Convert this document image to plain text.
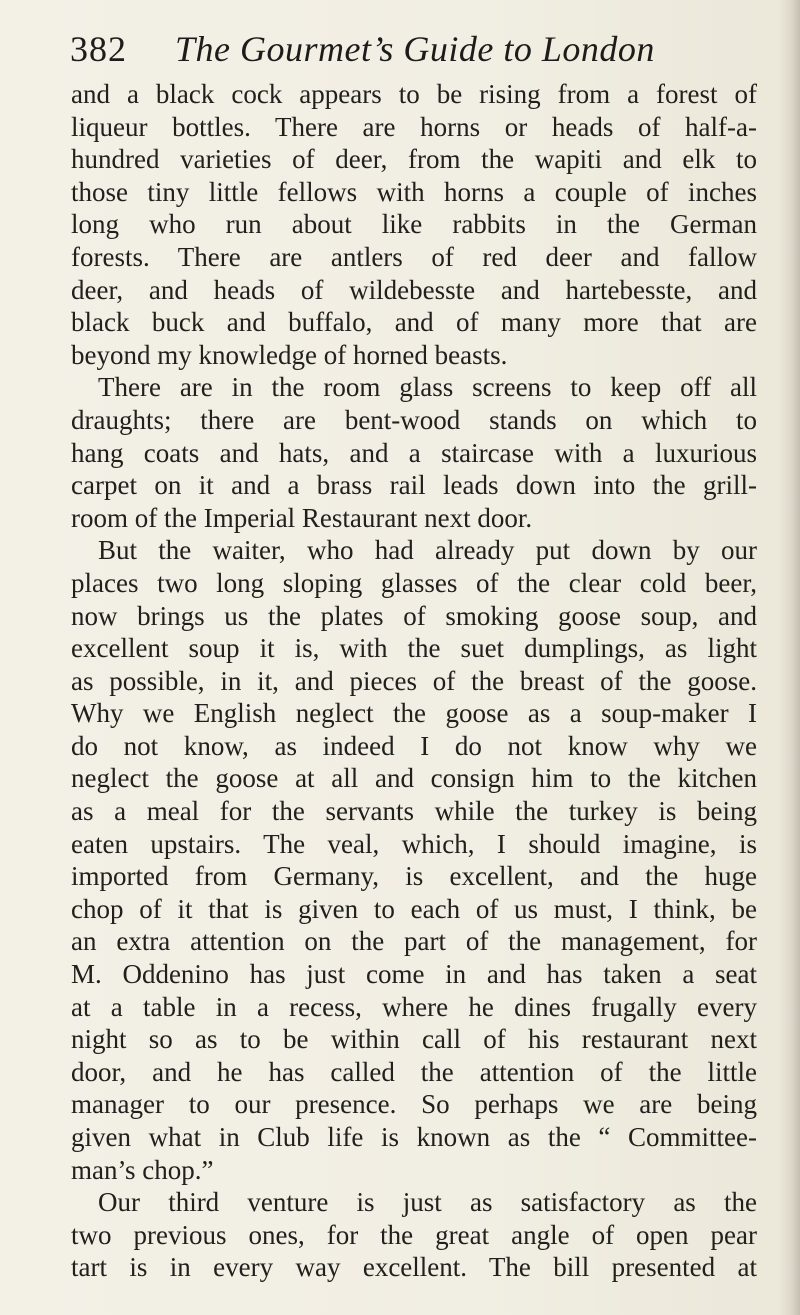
382 The Gourmet’s Guide to London
and a black cock appears to be rising from a forest of
liqueur bottles. There are horns or heads of half-a-
hundred varieties of deer, from the wapiti and elk to
those tiny little fellows with horns a couple of inches
long who run about like rabbits in the German
forests. There are antlers of red deer and fallow
deer, and heads of wildebesste and hartebesste, and
black buck and buffalo, and of many more that are
beyond my knowledge of horned beasts.
There are in the room glass screens to keep off all
draughts; there are bent-wood stands on which to
hang coats and hats, and a staircase with a luxurious
carpet on it and a brass rail leads down into the grill-
room of the Imperial Restaurant next door.
But the waiter, who had already put down by our
places two long sloping glasses of the clear cold beer,
now brings us the plates of smoking goose soup, and
excellent soup it is, with the suet dumplings, as light
as possible, in it, and pieces of the breast of the goose.
Why we English neglect the goose as a soup-maker I
do not know, as indeed I do not know why we
neglect the goose at all and consign him to the kitchen
as a meal for the servants while the turkey is being
eaten upstairs. The veal, which, I should imagine, is
imported from Germany, is excellent, and the huge
chop of it that is given to each of us must, I think, be
an extra attention on the part of the management, for
M. Oddenino has just come in and has taken a seat
at a table in a recess, where he dines frugally every
night so as to be within call of his restaurant next
door, and he has called the attention of the little
manager to our presence. So perhaps we are being
given what in Club life is known as the “ Committee-
man’s chop.”
Our third venture is just as satisfactory as the
two previous ones, for the great angle of open pear
tart is in every way excellent. The bill presented at
